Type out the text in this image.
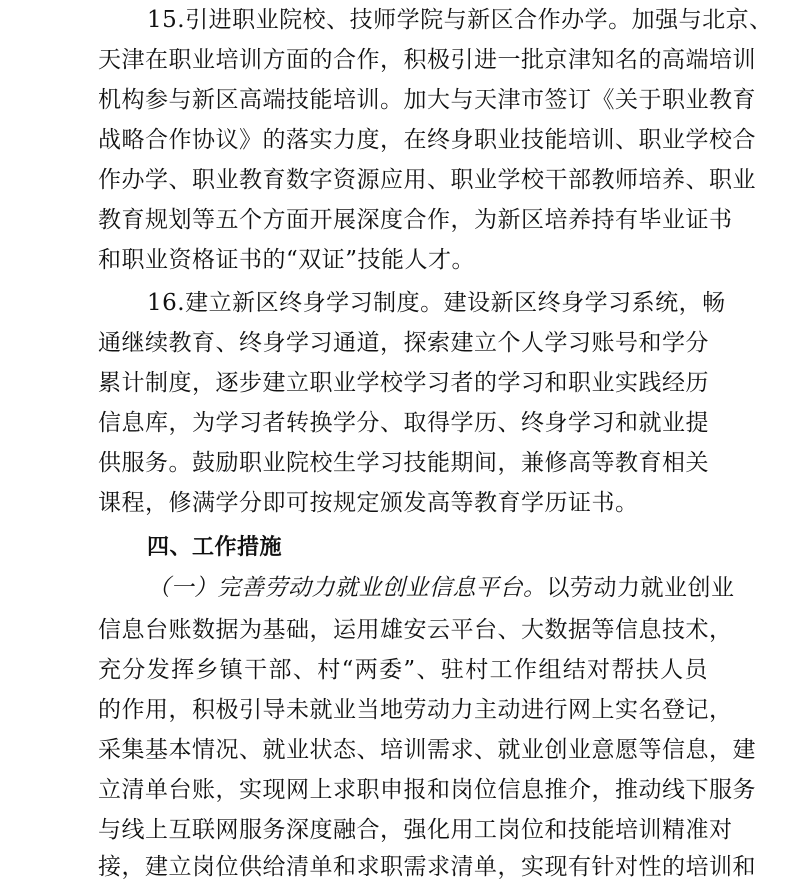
15.引进职业院校、技师学院与新区合作办学。加强与北京、
天津在职业培训方面的合作，积极引进一批京津知名的高端培训
机构参与新区高端技能培训。加大与天津市签订《关于职业教育
战略合作协议》的落实力度，在终身职业技能培训、职业学校合
作办学、职业教育数字资源应用、职业学校干部教师培养、职业
教育规划等五个方面开展深度合作，为新区培养持有毕业证书
和职业资格证书的“双证”技能人才。
16.建立新区终身学习制度。建设新区终身学习系统，畅
通继续教育、终身学习通道，探索建立个人学习账号和学分
累计制度，逐步建立职业学校学习者的学习和职业实践经历
信息库，为学习者转换学分、取得学历、终身学习和就业提
供服务。鼓励职业院校生学习技能期间，兼修高等教育相关
课程，修满学分即可按规定颁发高等教育学历证书。
四、工作措施
（一）完善劳动力就业创业信息平台。以劳动力就业创业
信息台账数据为基础，运用雄安云平台、大数据等信息技术，
充分发挥乡镇干部、村“两委”、驻村工作组结对帮扶人员
的作用，积极引导未就业当地劳动力主动进行网上实名登记，
采集基本情况、就业状态、培训需求、就业创业意愿等信息，建
立清单台账，实现网上求职申报和岗位信息推介，推动线下服务
与线上互联网服务深度融合，强化用工岗位和技能培训精准对
接，建立岗位供给清单和求职需求清单，实现有针对性的培训和
